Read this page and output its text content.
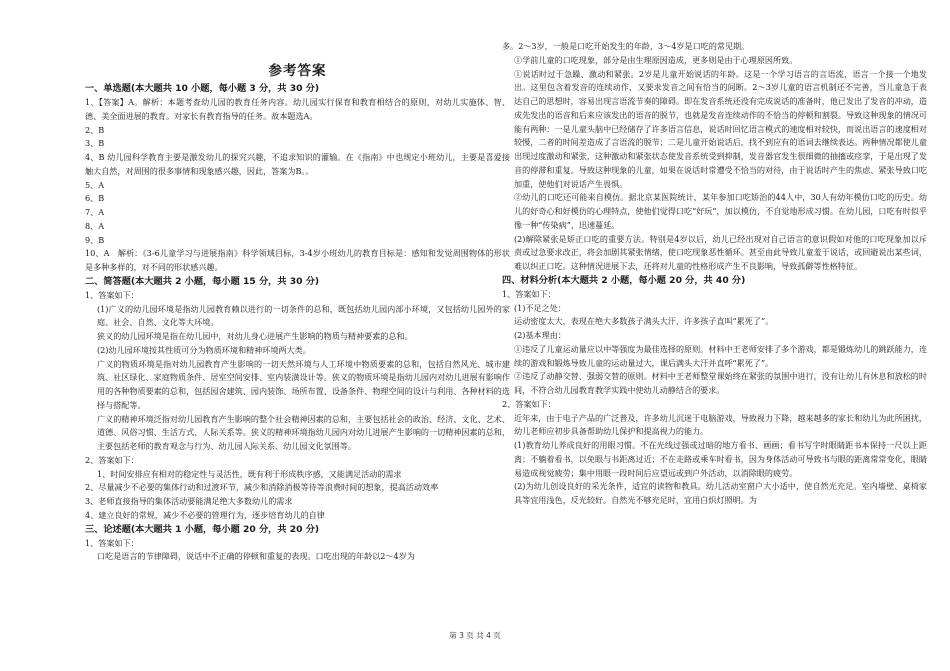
参考答案

一、单选题(本大题共 10 小题，每小题 3 分，共 30 分)

1、【答案】A。解析：本题考查幼儿园的教育任务内容。幼儿园实行保育和教育相结合的原则，对幼儿实施体、智、德、美全面进展的教育。对家长有教育指导的任务。故本题选A。

2、B

3、B

4、B 幼儿园科学教育主要是激发幼儿的探究兴趣，不追求知识的灌输。在《指南》中也规定小班幼儿，主要是喜爱接触大自然，对周围的很多事情和现象感兴趣，因此，答案为B。。

5、A

6、B

7、A

8、A

9、B

10、A　解析：《3-6儿童学习与进展指南》科学领域目标，3-4岁小班幼儿的教育目标是：感知和发觉周围物体的形状是多种多样的，对不同的形状感兴趣。

二、简答题(本大题共 2 小题，每小题 15 分，共 30 分)

1、答案如下：

(1)广义的幼儿园环境是指幼儿园教育赖以进行的一切条件的总和，既包括幼儿园内部小环境，又包括幼儿园外的家庭、社会、自然、文化等大环境。

狭义的幼儿园环境是指在幼儿园中，对幼儿身心进展产生影响的物质与精神要素的总和。

(2)幼儿园环境按其性质可分为物质环境和精神环境两大类。

广义的物质环境是指对幼儿园教育产生影响的一切天然环境与人工环境中物质要素的总和，包括自然风光、城市建筑、社区绿化、家庭物质条件、居室空间安排、室内装潢设计等。狭义的物质环境是指幼儿园内对幼儿进展有影响作用的各种物质要素的总和，包括园舍建筑、园内装饰、场所布置、设备条件、物理空间的设计与利用、各种材料的选择与搭配等。

广义的精神环境泛指对幼儿园教育产生影响的整个社会精神因素的总和，主要包括社会的政治、经济、文化、艺术、道德、风俗习惯、生活方式、人际关系等。狭义的精神环境指幼儿园内对幼儿进展产生影响的一切精神因素的总和，主要包括老师的教育观念与行为、幼儿园人际关系、幼儿园文化氛围等。

2、答案如下：

1、时间安排应有相对的稳定性与灵活性，既有利于形成秩序感，又能满足活动的需求

2、尽量减少不必要的集体行动和过渡环节，减少和消除消极等待等浪费时间的想象，提高活动效率

3、老师直接指导的集体活动要能满足绝大多数幼儿的需求

4、建立良好的常规，减少不必要的管理行为，逐步培育幼儿的自律

三、论述题(本大题共 1 小题，每小题 20 分，共 20 分)

1、答案如下：

口吃是语言的节律障碍，说话中不正确的停顿和重复的表现。口吃出现的年龄以2～4岁为

多。2～3岁，一般是口吃开始发生的年龄，3～4岁是口吃的常见期。

①学前儿童的口吃现象，部分是由生理原因造成，更多则是由于心理原因所致。

①说话时过于急躁、激动和紧张。2岁是儿童开始说话的年龄。这是一个学习语言的言语流，语言一个接一个地发出。这里包含着发音的连续动作，又要求发音之间有恰当的间断。2～3岁儿童的语言机制还不完善，当儿童急于表达自己的思想时，容易出现言语流节奏的障碍。即在发音系统还没有完成说话的准备时，他已发出了发音的冲动，造成先发出的语音和后来应该发出的语音的脱节，也就是发音连续动作的不恰当的停顿和割裂。导致这种现象的情况可能有两种：一是儿童头脑中已经储存了许多语言信息，说话时回忆语言模式的速度相对较快，而说出语言的速度相对较慢，二者的时间差造成了言语流的脱节；二是儿童开始说话后，找不到应有的语词去继续表达。两种情况都使儿童出现过度激动和紧张，这种激动和紧张状态使发音系统受到抑制，发音器官发生很细微的抽搐或痉挛，于是出现了发音的停滞和重复。导致这种现象的儿童，如果在说话时常遭受不恰当的对待，由于说话时产生的焦虑、紧张导致口吃加重，使他们对说话产生畏惧。

②幼儿的口吃还可能来自模仿。据北京某医院统计，某年参加口吃矫治的44人中，30人有幼年模仿口吃的历史。幼儿的好奇心和好模仿的心理特点，使他们觉得口吃“好玩”，加以模仿，不自觉地形成习惯。在幼儿园，口吃有时似乎像一种“传染病”，迅速蔓延。

(2)解除紧张是矫正口吃的重要方法。特别是4岁以后，幼儿已经出现对自己语言的意识假如对他的口吃现象加以斥责或过急要求改正，将会加剧其紧张情绪，使口吃现象恶性循环。甚至由此导致儿童羞于说话，或回避说出某些词，难以纠正口吃。这种情况进展下去，还将对儿童的性格形成产生不良影响，导致孤僻等性格特征。

四、材料分析(本大题共 2 小题，每小题 20 分，共 40 分)

1、答案如下：

(1)不足之处：

运动密度太大，表现在绝大多数孩子满头大汗，许多孩子直叫“累死了”。

(2)基本理由：

①违反了儿童运动量应以中等强度为最佳选择的原则。材料中王老师安排了多个游戏，都是锻炼幼儿的跳跃能力，连续的游戏和锻炼导致儿童的运动量过大，课后满头大汗并直呼“累死了”。

②违反了动静交替、强弱交替的原则。材料中王老师整堂课始终在紧张的氛围中进行，没有让幼儿有休息和放松的时间，不符合幼儿园教育教学实践中使幼儿动静结合的要求。

2、答案如下：

近年来，由于电子产品的广泛普及，许多幼儿沉迷于电脑游戏，导致视力下降，越来越多的家长和幼儿为此所困扰，幼儿老师应初步具备帮助幼儿保护和提高视力的能力。

(1)教育幼儿养成良好的用眼习惯。不在光线过强或过暗的地方看书、画画；看书写字时眼睛距书本保持一尺以上距离；不躺着看书，以免眼与书距离过近；不在走路或乘车时看书，因为身体活动可导致书与眼的距离常常变化，眼睛易造成视觉疲劳；集中用眼一段时间后应望远或到户外活动，以消除眼的疲劳。

(2)为幼儿创设良好的采光条件，适宜的读物和教具。幼儿活动室窗户大小适中，使自然光充足。室内墙壁、桌椅家具等宜用浅色，反光较好。自然光不够充足时，宜用白炽灯照明。为

第 3 页 共 4 页
